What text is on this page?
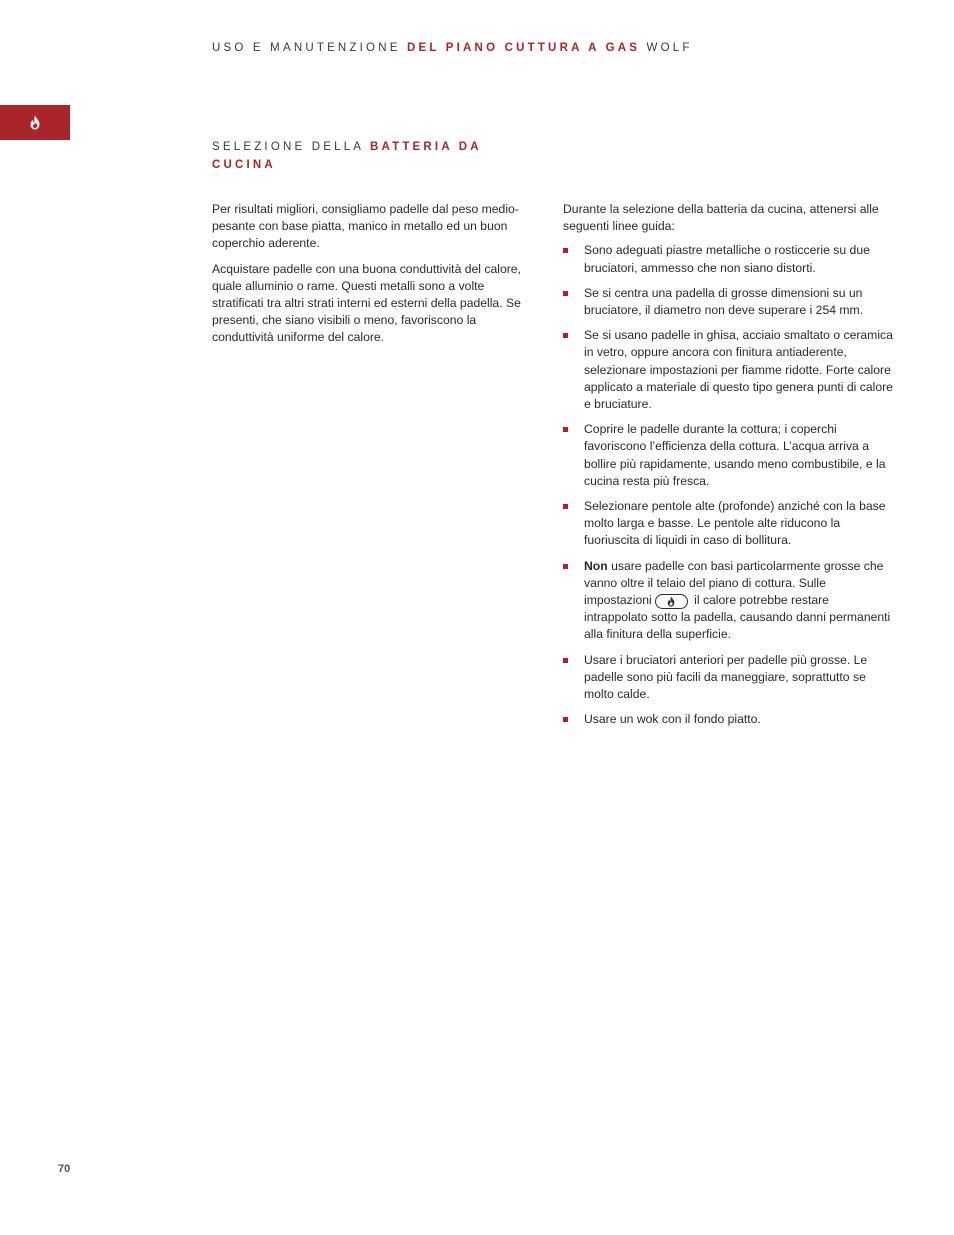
USO E MANUTENZIONE DEL PIANO CUTTURA A GAS WOLF
SELEZIONE DELLA BATTERIA DA
CUCINA

Per risultati migliori, consigliamo padelle dal peso medio-pesante con base piatta, manico in metallo ed un buon coperchio aderente.

Acquistare padelle con una buona conduttività del calore, quale alluminio o rame. Questi metalli sono a volte stratificati tra altri strati interni ed esterni della padella. Se presenti, che siano visibili o meno, favoriscono la conduttività uniforme del calore.

Durante la selezione della batteria da cucina, attenersi alle seguenti linee guida:

Sono adeguati piastre metalliche o rosticcerie su due bruciatori, ammesso che non siano distorti.
Se si centra una padella di grosse dimensioni su un bruciatore, il diametro non deve superare i 254 mm.
Se si usano padelle in ghisa, acciaio smaltato o ceramica in vetro, oppure ancora con finitura antiaderente, selezionare impostazioni per fiamme ridotte. Forte calore applicato a materiale di questo tipo genera punti di calore e bruciature.
Coprire le padelle durante la cottura; i coperchi favoriscono l’efficienza della cottura. L’acqua arriva a bollire più rapidamente, usando meno combustibile, e la cucina resta più fresca.
Selezionare pentole alte (profonde) anziché con la base molto larga e basse. Le pentole alte riducono la fuoriuscita di liquidi in caso di bollitura.
Non usare padelle con basi particolarmente grosse che vanno oltre il telaio del piano di cottura. Sulle impostazioni	il calore potrebbe restare intrappolato sotto la padella, causando danni permanenti alla finitura della superficie.
Usare i bruciatori anteriori per padelle più grosse. Le padelle sono più facili da maneggiare, soprattutto se molto calde.
Usare un wok con il fondo piatto.
70
